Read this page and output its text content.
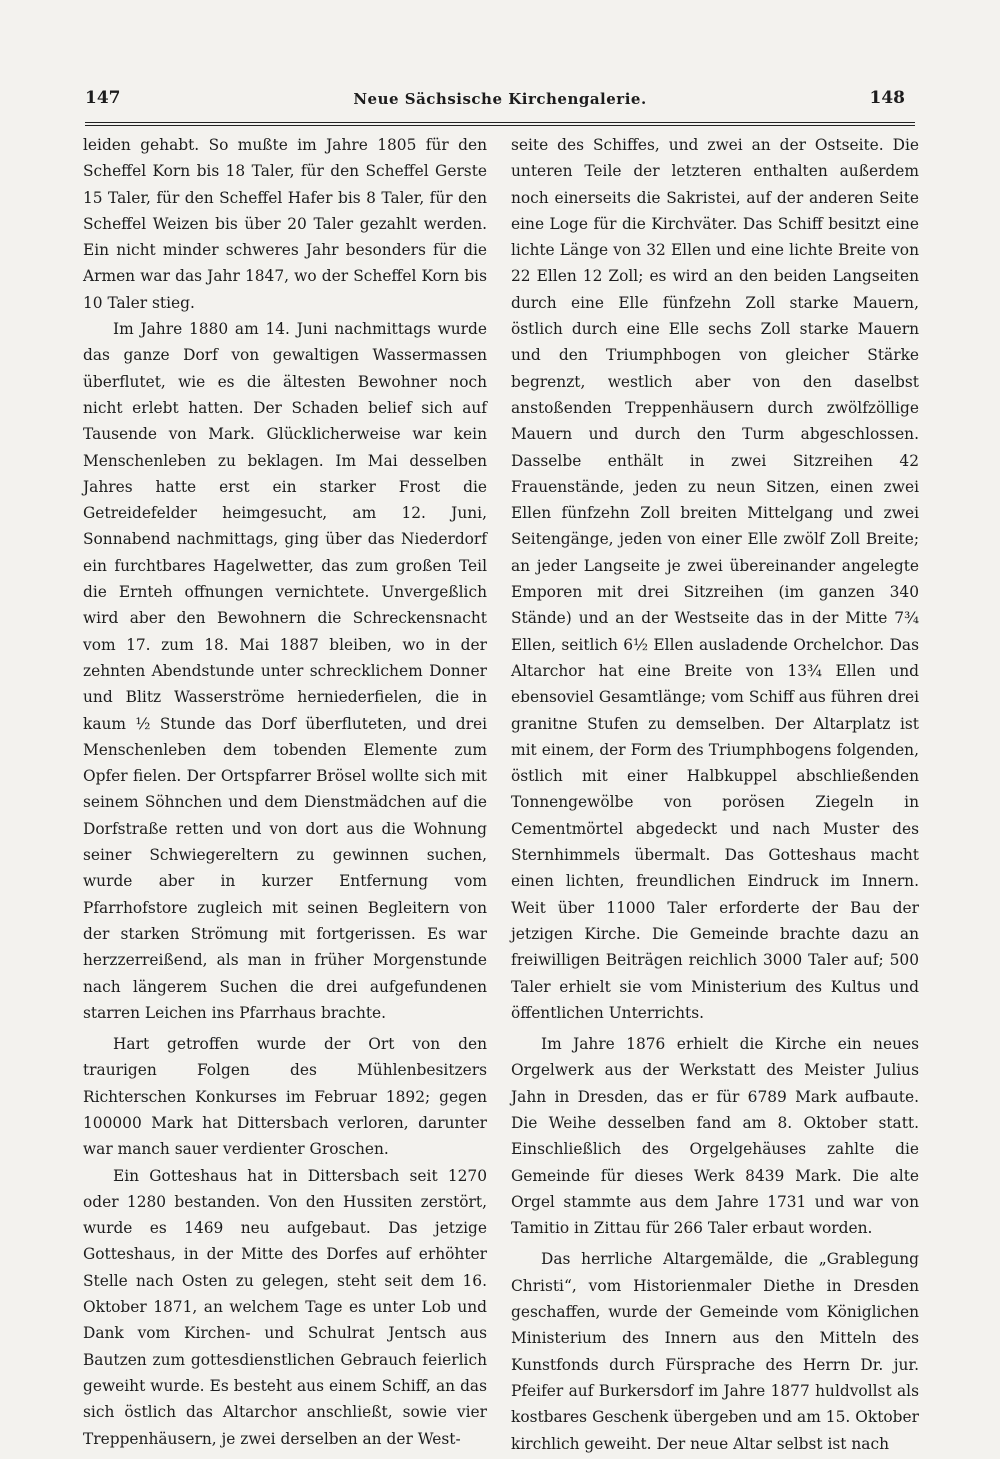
147	Neue Sächsische Kirchengalerie.	148

leiden gehabt. So mußte im Jahre 1805 für den Scheffel Korn bis 18 Taler, für den Scheffel Gerste 15 Taler, für den Scheffel Hafer bis 8 Taler, für den Scheffel Weizen bis über 20 Taler gezahlt werden. Ein nicht minder schweres Jahr besonders für die Armen war das Jahr 1847, wo der Scheffel Korn bis 10 Taler stieg.

Im Jahre 1880 am 14. Juni nachmittags wurde das ganze Dorf von gewaltigen Wassermassen überflutet, wie es die ältesten Bewohner noch nicht erlebt hatten. Der Schaden belief sich auf Tausende von Mark. Glücklicherweise war kein Menschenleben zu beklagen. Im Mai desselben Jahres hatte erst ein starker Frost die Getreidefelder heimgesucht, am 12. Juni, Sonnabend nachmittags, ging über das Niederdorf ein furchtbares Hagelwetter, das zum großen Teil die Ernteh offnungen vernichtete. Unvergeßlich wird aber den Bewohnern die Schreckensnacht vom 17. zum 18. Mai 1887 bleiben, wo in der zehnten Abendstunde unter schrecklichem Donner und Blitz Wasserströme herniederfielen, die in kaum ½ Stunde das Dorf überfluteten, und drei Menschenleben dem tobenden Elemente zum Opfer fielen. Der Ortspfarrer Brösel wollte sich mit seinem Söhnchen und dem Dienstmädchen auf die Dorfstraße retten und von dort aus die Wohnung seiner Schwiegereltern zu gewinnen suchen, wurde aber in kurzer Entfernung vom Pfarrhofstore zugleich mit seinen Begleitern von der starken Strömung mit fortgerissen. Es war herzzerreißend, als man in früher Morgenstunde nach längerem Suchen die drei aufgefundenen starren Leichen ins Pfarrhaus brachte.

Hart getroffen wurde der Ort von den traurigen Folgen des Mühlenbesitzers Richterschen Konkurses im Februar 1892; gegen 100000 Mark hat Dittersbach verloren, darunter war manch sauer verdienter Groschen.

Ein Gotteshaus hat in Dittersbach seit 1270 oder 1280 bestanden. Von den Hussiten zerstört, wurde es 1469 neu aufgebaut. Das jetzige Gotteshaus, in der Mitte des Dorfes auf erhöhter Stelle nach Osten zu gelegen, steht seit dem 16. Oktober 1871, an welchem Tage es unter Lob und Dank vom Kirchen- und Schulrat Jentsch aus Bautzen zum gottesdienstlichen Gebrauch feierlich geweiht wurde. Es besteht aus einem Schiff, an das sich östlich das Altarchor anschließt, sowie vier Treppenhäusern, je zwei derselben an der West-

seite des Schiffes, und zwei an der Ostseite. Die unteren Teile der letzteren enthalten außerdem noch einerseits die Sakristei, auf der anderen Seite eine Loge für die Kirchväter. Das Schiff besitzt eine lichte Länge von 32 Ellen und eine lichte Breite von 22 Ellen 12 Zoll; es wird an den beiden Langseiten durch eine Elle fünfzehn Zoll starke Mauern, östlich durch eine Elle sechs Zoll starke Mauern und den Triumphbogen von gleicher Stärke begrenzt, westlich aber von den daselbst anstoßenden Treppenhäusern durch zwölfzöllige Mauern und durch den Turm abgeschlossen. Dasselbe enthält in zwei Sitzreihen 42 Frauenstände, jeden zu neun Sitzen, einen zwei Ellen fünfzehn Zoll breiten Mittelgang und zwei Seitengänge, jeden von einer Elle zwölf Zoll Breite; an jeder Langseite je zwei übereinander angelegte Emporen mit drei Sitzreihen (im ganzen 340 Stände) und an der Westseite das in der Mitte 7¾ Ellen, seitlich 6½ Ellen ausladende Orchelchor. Das Altarchor hat eine Breite von 13¾ Ellen und ebensoviel Gesamtlänge; vom Schiff aus führen drei granitne Stufen zu demselben. Der Altarplatz ist mit einem, der Form des Triumphbogens folgenden, östlich mit einer Halbkuppel abschließenden Tonnengewölbe von porösen Ziegeln in Cementmörtel abgedeckt und nach Muster des Sternhimmels übermalt. Das Gotteshaus macht einen lichten, freundlichen Eindruck im Innern. Weit über 11000 Taler erforderte der Bau der jetzigen Kirche. Die Gemeinde brachte dazu an freiwilligen Beiträgen reichlich 3000 Taler auf; 500 Taler erhielt sie vom Ministerium des Kultus und öffentlichen Unterrichts.

Im Jahre 1876 erhielt die Kirche ein neues Orgelwerk aus der Werkstatt des Meister Julius Jahn in Dresden, das er für 6789 Mark aufbaute. Die Weihe desselben fand am 8. Oktober statt. Einschließlich des Orgelgehäuses zahlte die Gemeinde für dieses Werk 8439 Mark. Die alte Orgel stammte aus dem Jahre 1731 und war von Tamitio in Zittau für 266 Taler erbaut worden.

Das herrliche Altargemälde, die „Grablegung Christi“, vom Historienmaler Diethe in Dresden geschaffen, wurde der Gemeinde vom Königlichen Ministerium des Innern aus den Mitteln des Kunstfonds durch Fürsprache des Herrn Dr. jur. Pfeifer auf Burkersdorf im Jahre 1877 huldvollst als kostbares Geschenk übergeben und am 15. Oktober kirchlich geweiht. Der neue Altar selbst ist nach
